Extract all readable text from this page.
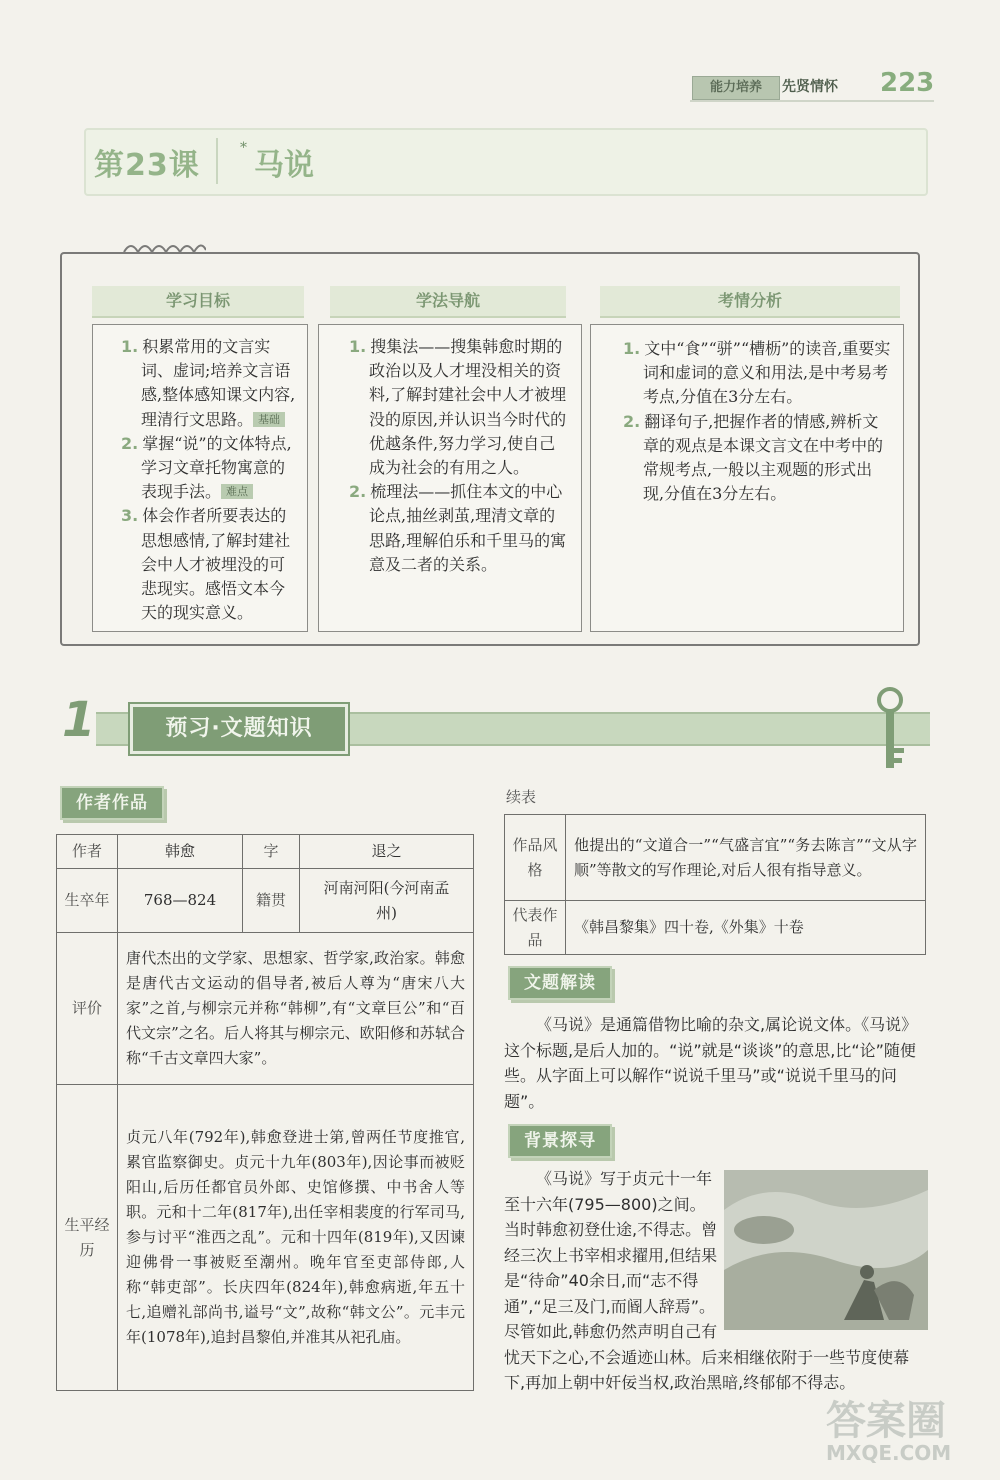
能力培养	先贤情怀 223
第23课	* 马说
学习目标	学法导航	考情分析

1. 积累常用的文言实词、虚词;培养文言语感,整体感知课文内容,理清行文思路。 基础

2. 掌握“说”的文体特点,学习文章托物寓意的表现手法。 难点

3. 体会作者所要表达的思想感情,了解封建社会中人才被埋没的可悲现实。感悟文本今天的现实意义。

1. 搜集法——搜集韩愈时期的政治以及人才埋没相关的资料,了解封建社会中人才被埋没的原因,并认识当今时代的优越条件,努力学习,使自己成为社会的有用之人。

2. 梳理法——抓住本文的中心论点,抽丝剥茧,理清文章的思路,理解伯乐和千里马的寓意及二者的关系。

1. 文中“食”“骈”“槽枥”的读音,重要实词和虚词的意义和用法,是中考易考考点,分值在3分左右。

2. 翻译句子,把握作者的情感,辨析文章的观点是本课文言文在中考中的常规考点,一般以主观题的形式出现,分值在3分左右。

1	预习·文题知识
作者作品
作者	韩愈	字	退之
生卒年	768—824	籍贯	河南河阳(今河南孟州)
评价	唐代杰出的文学家、思想家、哲学家,政治家。韩愈是唐代古文运动的倡导者,被后人尊为“唐宋八大家”之首,与柳宗元并称“韩柳”,有“文章巨公”和“百代文宗”之名。后人将其与柳宗元、欧阳修和苏轼合称“千古文章四大家”。		
生平经历	贞元八年(792年),韩愈登进士第,曾两任节度推官,累官监察御史。贞元十九年(803年),因论事而被贬阳山,后历任都官员外郎、史馆修撰、中书舍人等职。元和十二年(817年),出任宰相裴度的行军司马,参与讨平“淮西之乱”。元和十四年(819年),又因谏迎佛骨一事被贬至潮州。晚年官至吏部侍郎,人称“韩吏部”。长庆四年(824年),韩愈病逝,年五十七,追赠礼部尚书,谥号“文”,故称“韩文公”。元丰元年(1078年),追封昌黎伯,并准其从祀孔庙。		
续表
作品风格	他提出的“文道合一”“气盛言宜”“务去陈言”“文从字顺”等散文的写作理论,对后人很有指导意义。
代表作品	《韩昌黎集》四十卷,《外集》十卷
文题解读
《马说》是通篇借物比喻的杂文,属论说文体。《马说》这个标题,是后人加的。“说”就是“谈谈”的意思,比“论”随便些。从字面上可以解作“说说千里马”或“说说千里马的问题”。
背景探寻

《马说》写于贞元十一年至十六年(795—800)之间。当时韩愈初登仕途,不得志。曾经三次上书宰相求擢用,但结果是“待命”40余日,而“志不得通”,“足三及门,而阍人辞焉”。尽管如此,韩愈仍然声明自己有忧天下之心,不会遁迹山林。后来相继依附于一些节度使幕下,再加上朝中奸佞当权,政治黑暗,终郁郁不得志。

答案圈
MXQE.COM
